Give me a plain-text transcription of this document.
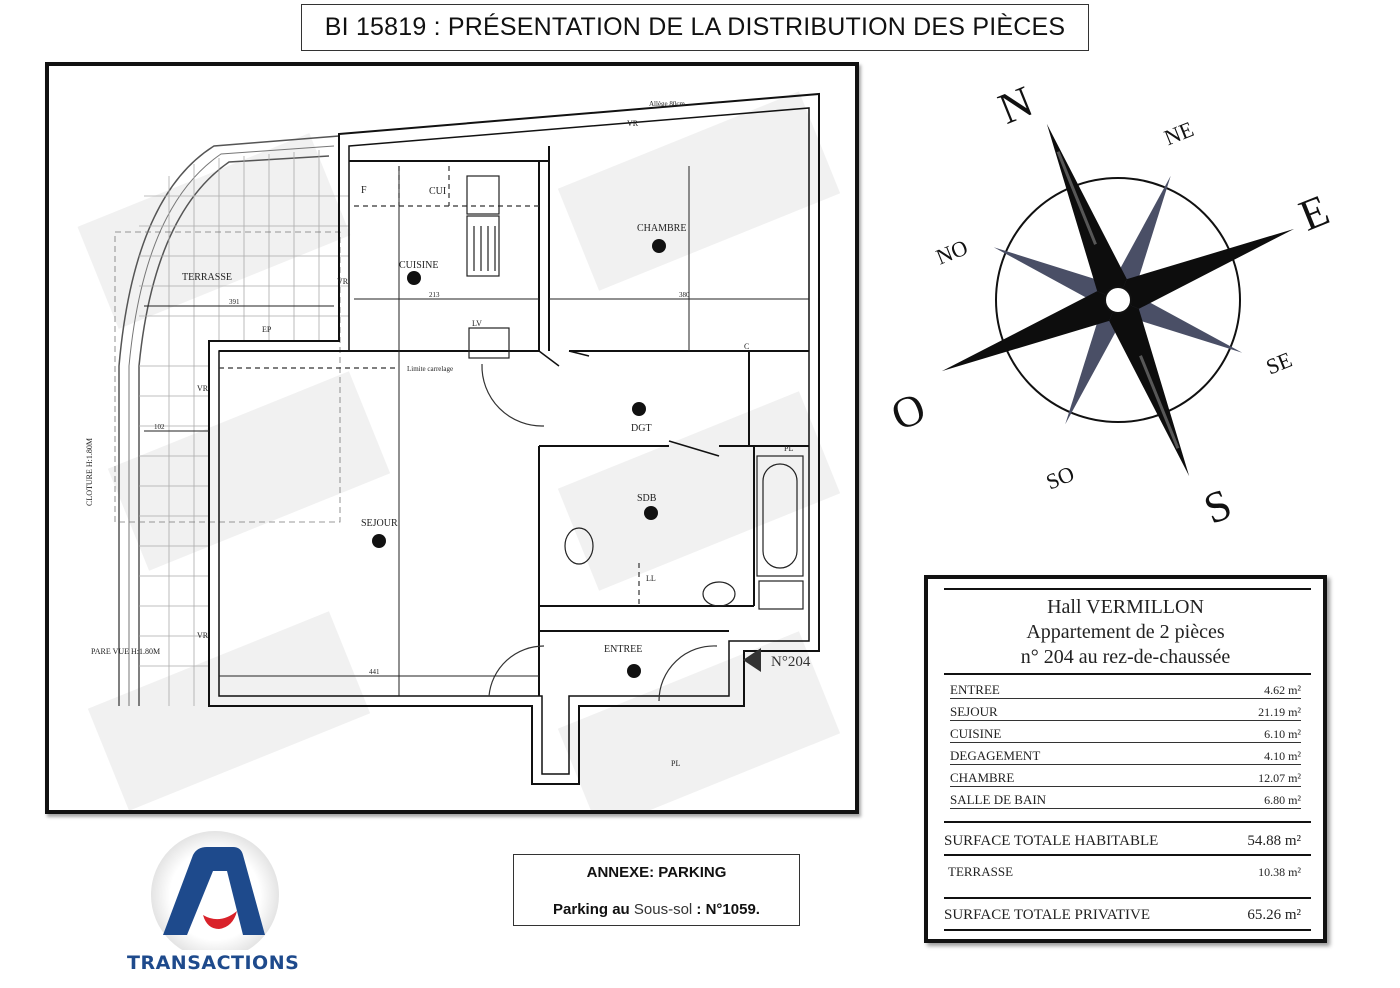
BI 15819 : PRÉSENTATION DE LA DISTRIBUTION DES PIÈCES
TERRASSE
CUISINE
CHAMBRE
SEJOUR
DGT
SDB
ENTREE
CUI
F
VR
VR
VR
VR
LV
LL
PL
PL
EP
C
Allège 80cm
Limite carrelage
PARE VUE H:1.80M
CLOTURE H:1.80M
213	380
441
102
391
N°204
N	NE
E
SE
S
SO
O
NO
Hall VERMILLON
Appartement de 2 pièces
n° 204 au rez-de-chaussée
ENTREE	4.62 m²
SEJOUR	21.19 m²
CUISINE	6.10 m²
DEGAGEMENT	4.10 m²
CHAMBRE	12.07 m²
SALLE DE BAIN	6.80 m²
SURFACE TOTALE HABITABLE	54.88 m²
TERRASSE	10.38 m²
SURFACE TOTALE PRIVATIVE	65.26 m²
ANNEXE: PARKING
Parking au Sous-sol : N°1059.
TRANSACTIONS
